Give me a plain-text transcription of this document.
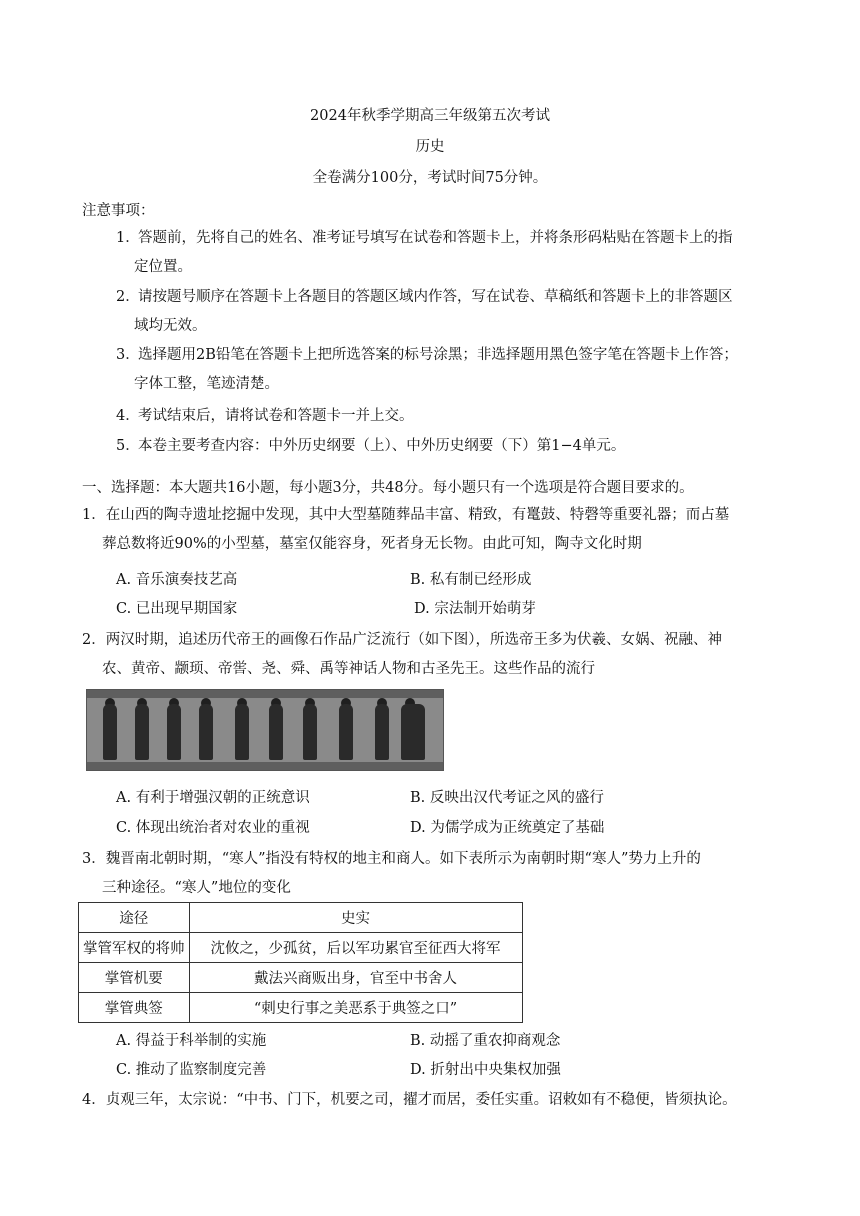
2024年秋季学期高三年级第五次考试
历史
全卷满分100分，考试时间75分钟。
注意事项：
1．
答题前，先将自己的姓名、准考证号填写在试卷和答题卡上，并将条形码粘贴在答题卡上的指
定位置。
2．
请按题号顺序在答题卡上各题目的答题区域内作答，写在试卷、草稿纸和答题卡上的非答题区
域均无效。
3．
选择题用2B铅笔在答题卡上把所选答案的标号涂黑；非选择题用黑色签字笔在答题卡上作答；
字体工整，笔迹清楚。
4．
考试结束后，请将试卷和答题卡一并上交。
5．
本卷主要考查内容：中外历史纲要（上）、中外历史纲要（下）第1−4单元。
一、选择题：本大题共16小题，每小题3分，共48分。每小题只有一个选项是符合题目要求的。
1．在山西的陶寺遗址挖掘中发现，其中大型墓随葬品丰富、精致，有鼍鼓、特磬等重要礼器；而占墓
葬总数将近90%的小型墓，墓室仅能容身，死者身无长物。由此可知，陶寺文化时期
A. 音乐演奏技艺高	B. 私有制已经形成
C. 已出现早期国家	D. 宗法制开始萌芽
2．两汉时期，追述历代帝王的画像石作品广泛流行（如下图），所选帝王多为伏羲、女娲、祝融、神
农、黄帝、颛顼、帝喾、尧、舜、禹等神话人物和古圣先王。这些作品的流行
A. 有利于增强汉朝的正统意识	B. 反映出汉代考证之风的盛行
C. 体现出统治者对农业的重视	D. 为儒学成为正统奠定了基础
3．魏晋南北朝时期，“寒人”指没有特权的地主和商人。如下表所示为南朝时期“寒人”势力上升的
三种途径。“寒人”地位的变化
途径	史实
掌管军权的将帅	沈攸之，少孤贫，后以军功累官至征西大将军
掌管机要	戴法兴商贩出身，官至中书舍人
掌管典签	“刺史行事之美恶系于典签之口”
A. 得益于科举制的实施	B. 动摇了重农抑商观念
C. 推动了监察制度完善	D. 折射出中央集权加强
4．贞观三年，太宗说：“中书、门下，机要之司，擢才而居，委任实重。诏敕如有不稳便，皆须执论。
